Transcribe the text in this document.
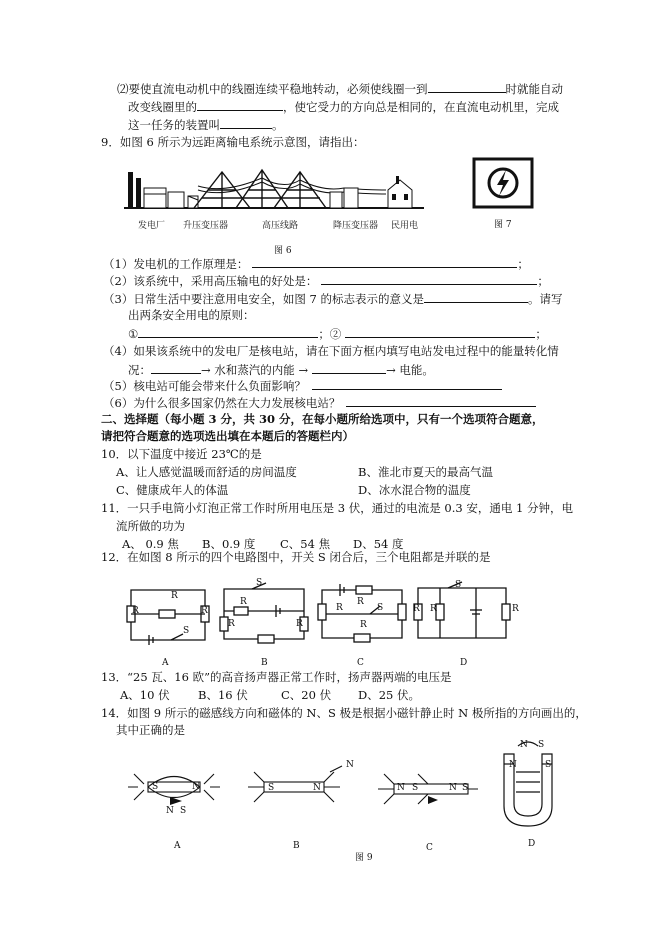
⑵要使直流电动机中的线圈连续平稳地转动，必须使线圈一到	时就能自动
改变线圈里的	，使它受力的方向总是相同的，在直流电动机里，完成
这一任务的装置叫	。
9．如图 6 所示为远距离输电系统示意图，请指出：
发电厂 升压变压器	高压线路	降压变压器 民用电
图 6
图 7
（1）发电机的工作原理是：	；
（2）该系统中，采用高压输电的好处是：	；
（3）日常生活中要注意用电安全，如图 7 的标志表示的意义是	。请写
出两条安全用电的原则：
①	；②	；
（4）如果该系统中的发电厂是核电站，请在下面方框内填写电站发电过程中的能量转化情
况：	→ 水和蒸汽的内能 →	→ 电能。
（5）核电站可能会带来什么负面影响？
（6）为什么很多国家仍然在大力发展核电站？
二、选择题（每小题 3 分，共 30 分，在每小题所给选项中，只有一个选项符合题意，
请把符合题意的选项选出填在本题后的答题栏内）
10．以下温度中接近 23℃的是
A、让人感觉温暖而舒适的房间温度	B、淮北市夏天的最高气温
C、健康成年人的体温	D、冰水混合物的温度
11．一只手电筒小灯泡正常工作时所用电压是 3 伏，通过的电流是 0.3 安，通电 1 分钟，电
流所做的功为
A、 0.9 焦 B、0.9 度 C、54 焦 D、54 度
12．在如图 8 所示的四个电路图中，开关 S 闭合后，三个电阻都是并联的是
R
R
R
S
A
S
R
R	R
B
R
R
S
R
C
R R
S
R
D
13．“25 瓦、16 欧”的高音扬声器正常工作时，扬声器两端的电压是
A、10 伏 B、16 伏	C、20 伏 D、25 伏。
14．如图 9 所示的磁感线方向和磁体的 N、S 极是根据小磁针静止时 N 极所指的方向画出的，
其中正确的是
S	N
N S
A
S	N
N
B
N S	N S
C
N S
N	S
D
图 9
